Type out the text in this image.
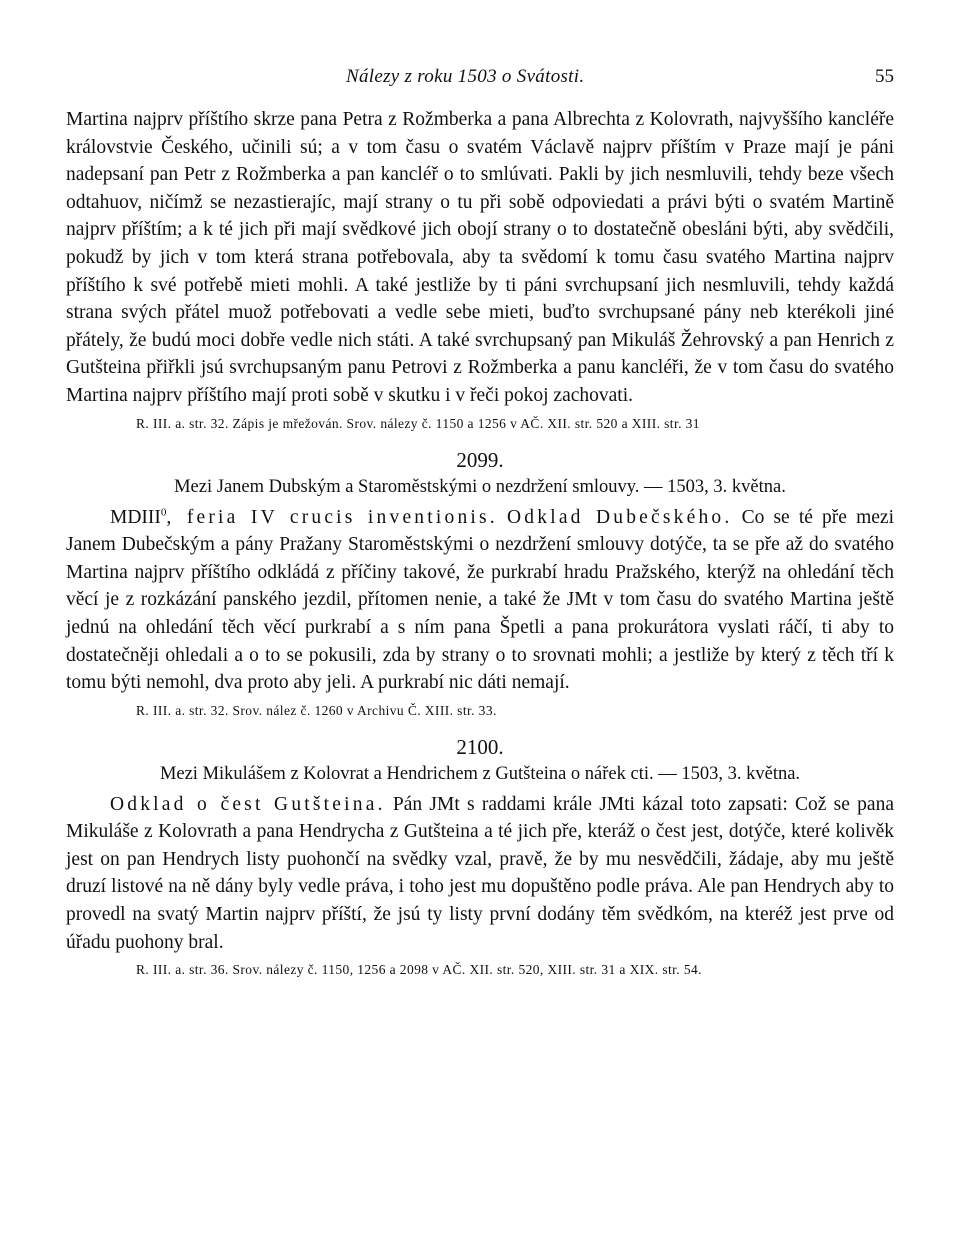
Nálezy z roku 1503 o Svátosti.	55

Martina najprv příštího skrze pana Petra z Rožmberka a pana Albrechta z Kolovrath, najvyššího kancléře královstvie Českého, učinili sú; a v tom času o svatém Václavě najprv příštím v Praze mají je páni nadepsaní pan Petr z Rožmberka a pan kancléř o to smlúvati. Pakli by jich nesmluvili, tehdy beze všech odtahuov, ničímž se nezastierajíc, mají strany o tu při sobě odpoviedati a právi býti o svatém Martině najprv příštím; a k té jich při mají svědkové jich obojí strany o to dostatečně obesláni býti, aby svědčili, pokudž by jich v tom která strana potřebovala, aby ta svědomí k tomu času svatého Martina najprv příštího k své potřebě mieti mohli. A také jestliže by ti páni svrchupsaní jich nesmluvili, tehdy každá strana svých přátel muož potřebovati a vedle sebe mieti, buďto svrchupsané pány neb kterékoli jiné přátely, že budú moci dobře vedle nich státi. A také svrchupsaný pan Mikuláš Žehrovský a pan Henrich z Gutšteina přiřkli jsú svrchupsaným panu Petrovi z Rožmberka a panu kancléři, že v tom času do svatého Martina najprv příštího mají proti sobě v skutku i v řeči pokoj zachovati.

R. III. a. str. 32. Zápis je mřežován. Srov. nálezy č. 1150 a 1256 v AČ. XII. str. 520 a XIII. str. 31

2099.

Mezi Janem Dubským a Staroměstskými o nezdržení smlouvy. — 1503, 3. května.

MDIII$^0$, feria IV crucis inventionis. Odklad Dubečského. Co se té pře mezi Janem Dubečským a pány Pražany Staroměstskými o nezdržení smlouvy dotýče, ta se pře až do svatého Martina najprv příštího odkládá z příčiny takové, že purkrabí hradu Pražského, kterýž na ohledání těch věcí je z rozkázání panského jezdil, přítomen nenie, a také že JMt v tom času do svatého Martina ještě jednú na ohledání těch věcí purkrabí a s ním pana Špetli a pana prokurátora vyslati ráčí, ti aby to dostatečněji ohledali a o to se pokusili, zda by strany o to srovnati mohli; a jestliže by který z těch tří k tomu býti nemohl, dva proto aby jeli. A purkrabí nic dáti nemají.

R. III. a. str. 32. Srov. nález č. 1260 v Archivu Č. XIII. str. 33.

2100.

Mezi Mikulášem z Kolovrat a Hendrichem z Gutšteina o nářek cti. — 1503, 3. května.

Odklad o čest Gutšteina. Pán JMt s raddami krále JMti kázal toto zapsati: Což se pana Mikuláše z Kolovrath a pana Hendrycha z Gutšteina a té jich pře, kteráž o čest jest, dotýče, které kolivěk jest on pan Hendrych listy puohončí na svědky vzal, pravě, že by mu nesvědčili, žádaje, aby mu ještě druzí listové na ně dány byly vedle práva, i toho jest mu dopuštěno podle práva. Ale pan Hendrych aby to provedl na svatý Martin najprv příští, že jsú ty listy první dodány těm svědkóm, na kteréž jest prve od úřadu puohony bral.

R. III. a. str. 36. Srov. nálezy č. 1150, 1256 a 2098 v AČ. XII. str. 520, XIII. str. 31 a XIX. str. 54.
